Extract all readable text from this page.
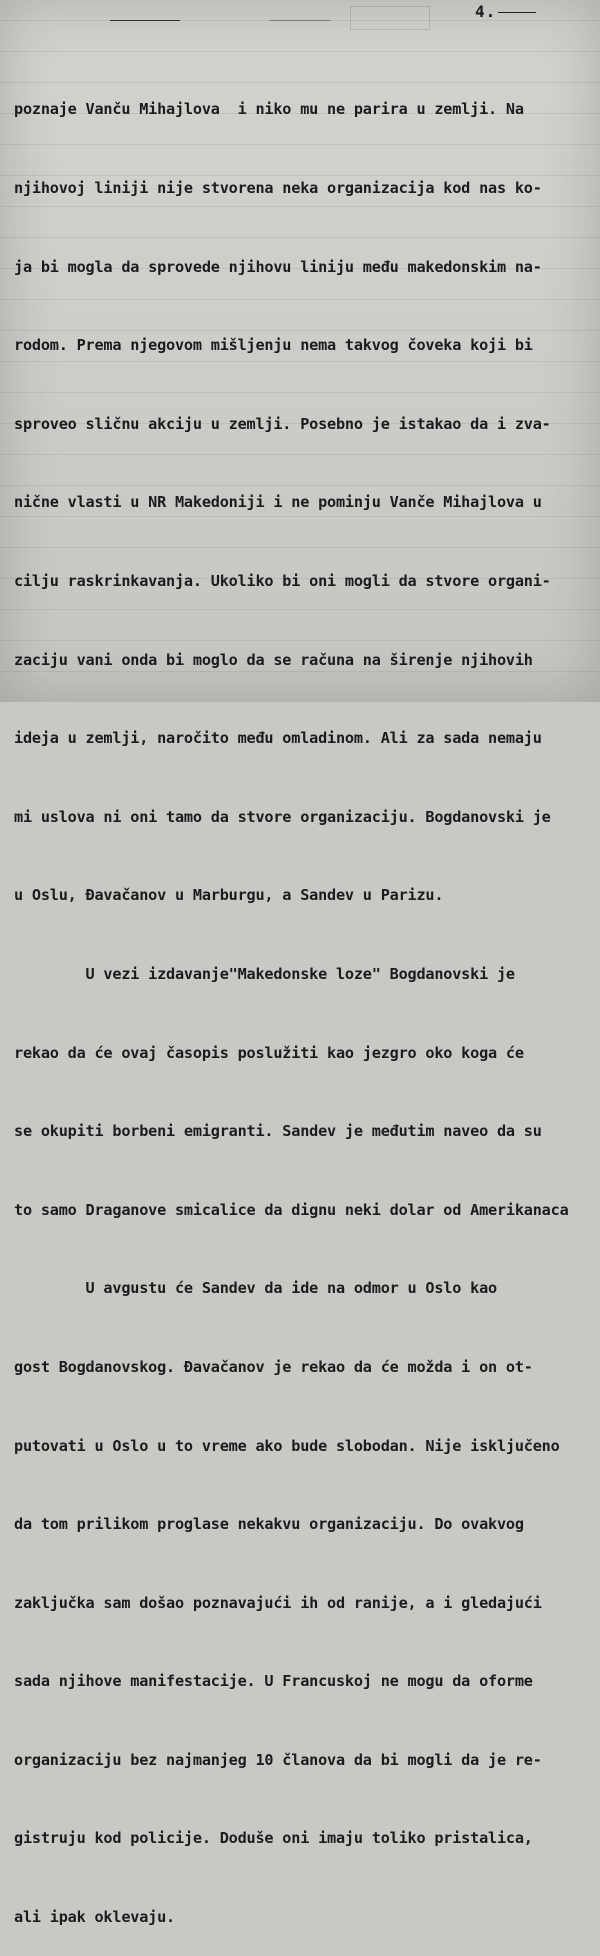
4.

poznaje Vanču Mihajlova  i niko mu ne parira u zemlji. Na

njihovoj liniji nije stvorena neka organizacija kod nas ko-

ja bi mogla da sprovede njihovu liniju među makedonskim na-

rodom. Prema njegovom mišljenju nema takvog čoveka koji bi

sproveo sličnu akciju u zemlji. Posebno je istakao da i zva-

nične vlasti u NR Makedoniji i ne pominju Vanče Mihajlova u

cilju raskrinkavanja. Ukoliko bi oni mogli da stvore organi-

zaciju vani onda bi moglo da se računa na širenje njihovih

ideja u zemlji, naročito među omladinom. Ali za sada nemaju

mi uslova ni oni tamo da stvore organizaciju. Bogdanovski je

u Oslu, Đavačanov u Marburgu, a Sandev u Parizu.

U vezi izdavanje"Makedonske loze" Bogdanovski je

rekao da će ovaj časopis poslužiti kao jezgro oko koga će

se okupiti borbeni emigranti. Sandev je međutim naveo da su

to samo Draganove smicalice da dignu neki dolar od Amerikanaca

U avgustu će Sandev da ide na odmor u Oslo kao

gost Bogdanovskog. Đavačanov je rekao da će možda i on ot-

putovati u Oslo u to vreme ako bude slobodan. Nije isključeno

da tom prilikom proglase nekakvu organizaciju. Do ovakvog

zaključka sam došao poznavajući ih od ranije, a i gledajući

sada njihove manifestacije. U Francuskoj ne mogu da oforme

organizaciju bez najmanjeg 10 članova da bi mogli da je re-

gistruju kod policije. Doduše oni imaju toliko pristalica,

ali ipak oklevaju.
